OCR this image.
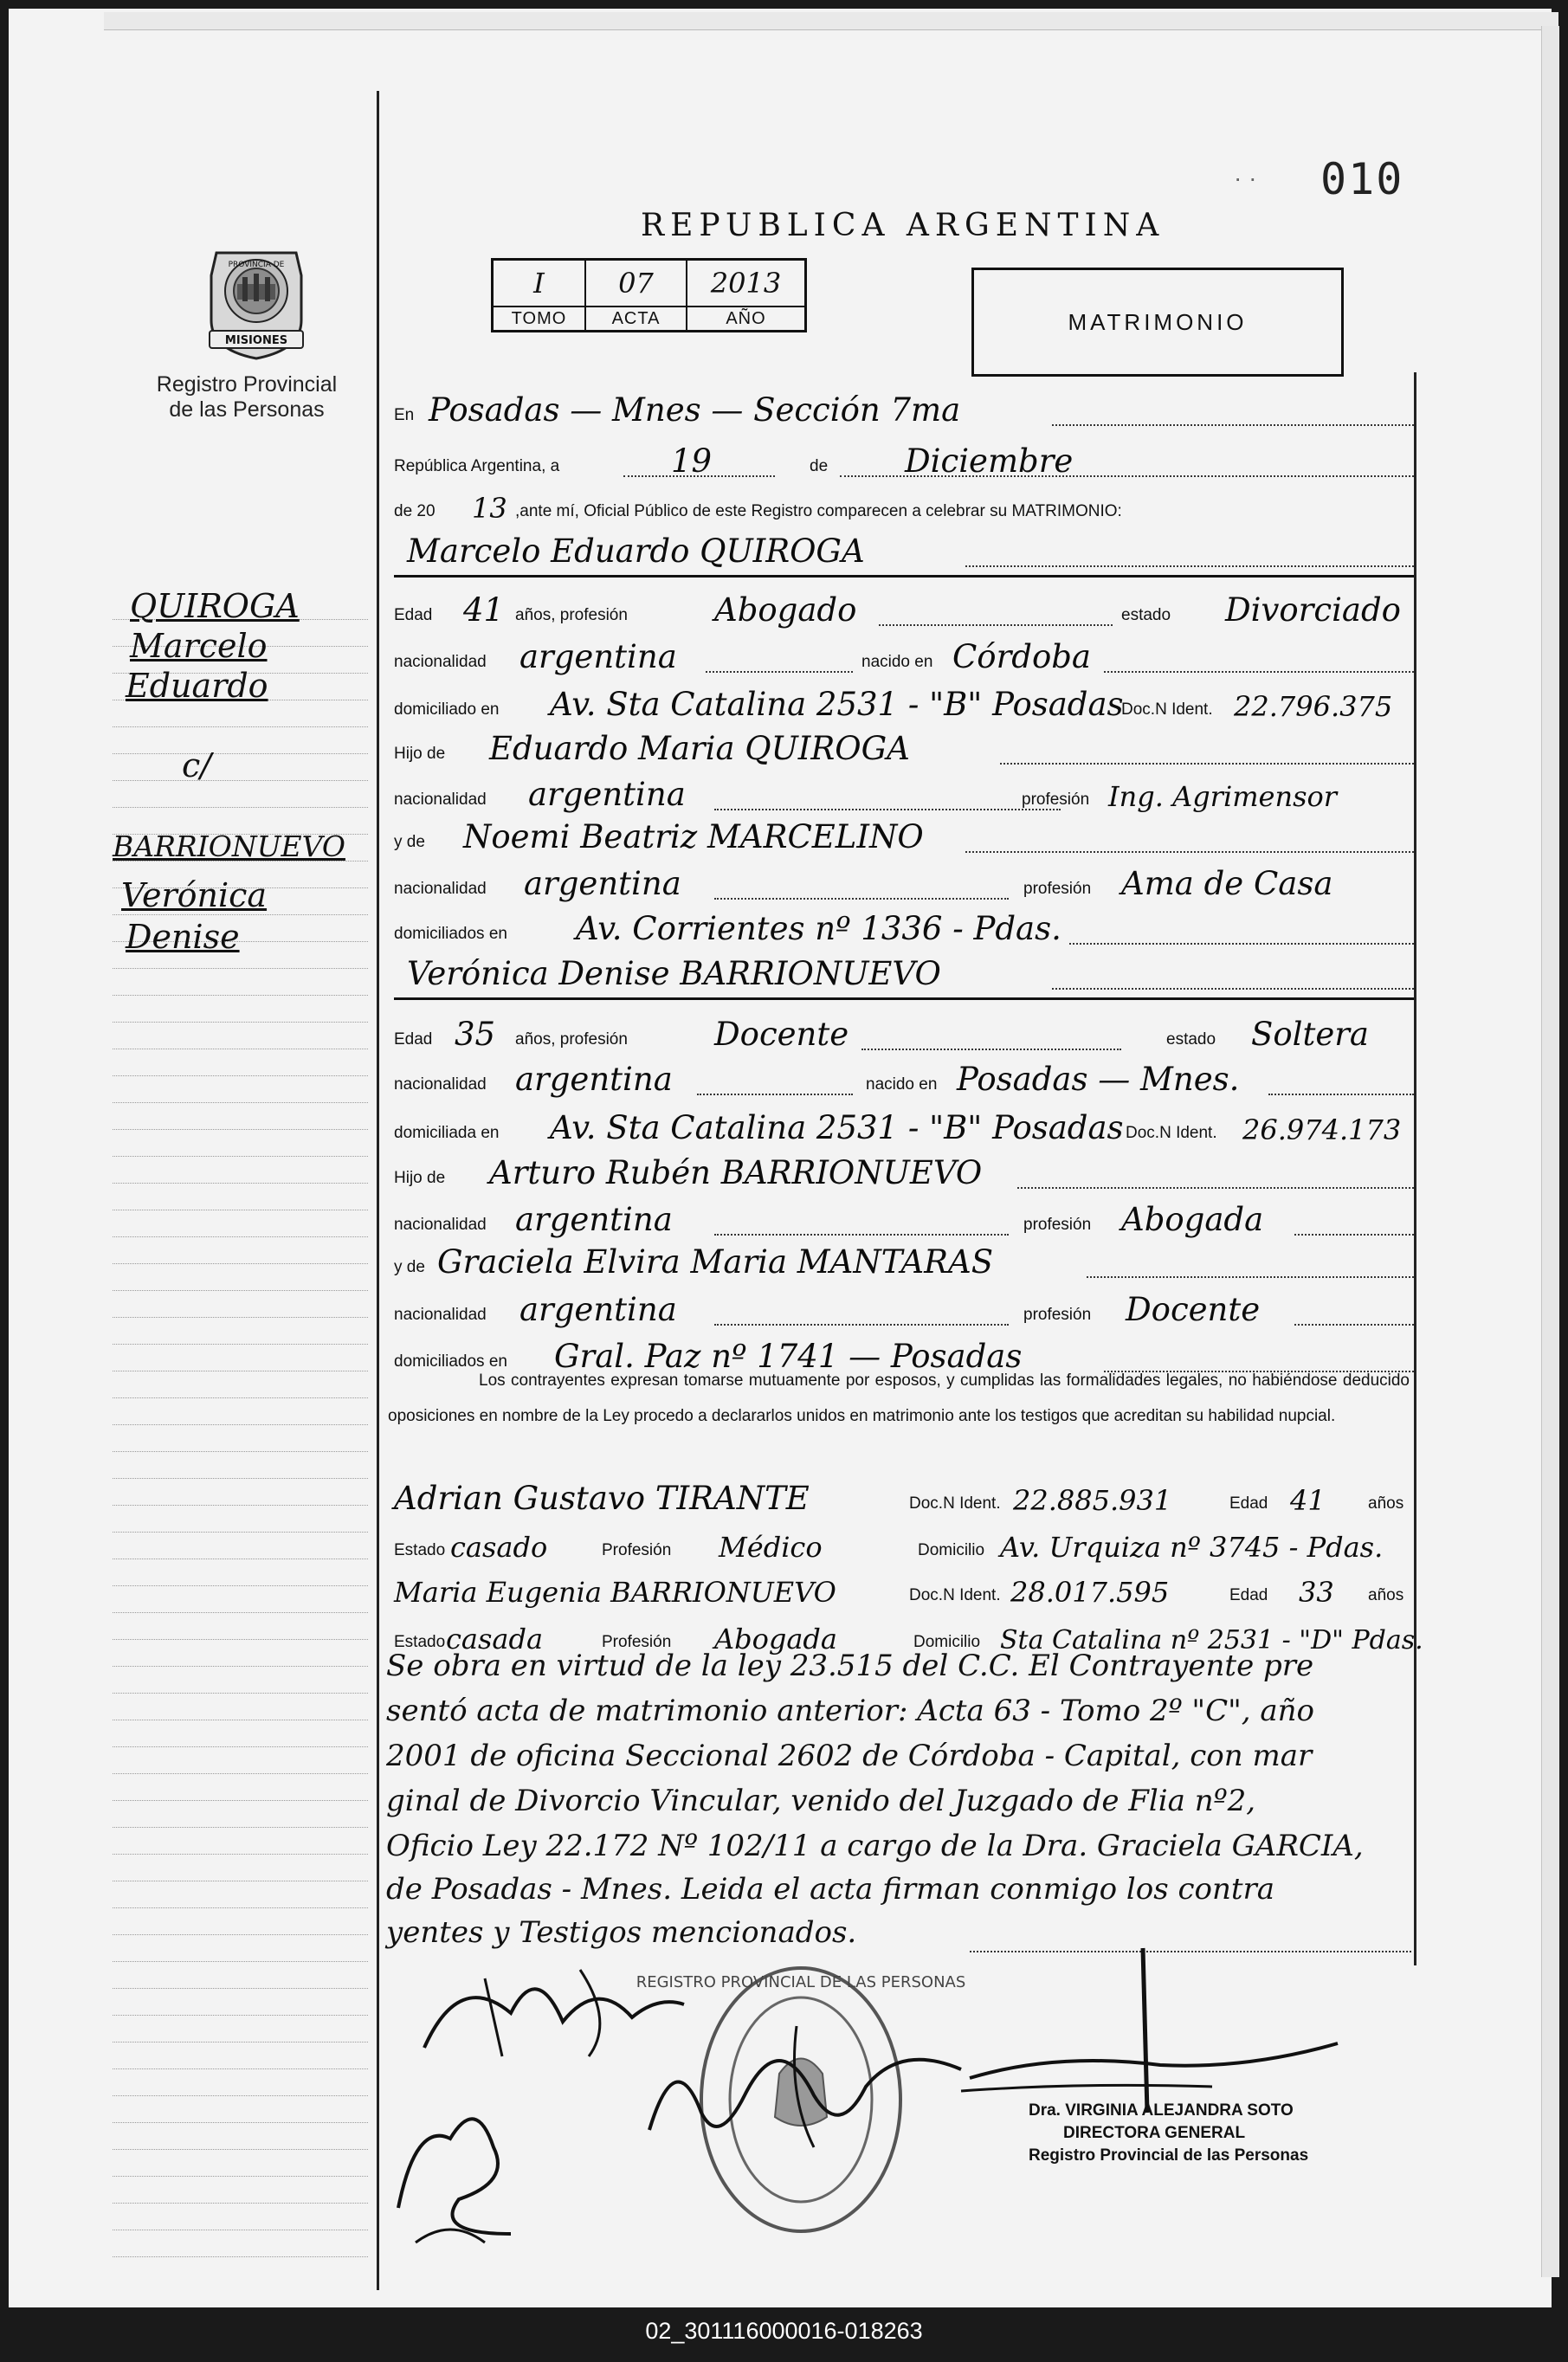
· · 010
MISIONES
PROVINCIA DE
Registro Provincial
de las Personas
REPUBLICA ARGENTINA
I	07	2013
TOMO	ACTA	AÑO	MATRIMONIO
En Posadas — Mnes — Sección 7ma
República Argentina, a	19	de Diciembre
de 20 13 ,ante mí, Oficial Público de este Registro comparecen a celebrar su MATRIMONIO:
Marcelo Eduardo QUIROGA
Edad 41 años, profesión	Abogado	estado Divorciado
nacionalidad argentina	nacido en Córdoba
domiciliado en Av. Sta Catalina 2531 - "B" Posadas
Doc.N Ident. 22.796.375
Hijo de Eduardo Maria QUIROGA
nacionalidad argentina	profesión Ing. Agrimensor
y de Noemi Beatriz MARCELINO
nacionalidad argentina	profesión Ama de Casa
domiciliados en Av. Corrientes nº 1336 - Pdas.
Verónica Denise BARRIONUEVO
Edad 35 años, profesión	Docente	estado Soltera
nacionalidad argentina	nacido en Posadas — Mnes.
domiciliada en Av. Sta Catalina 2531 - "B" Posadas Doc.N Ident. 26.974.173
Hijo de Arturo Rubén BARRIONUEVO
nacionalidad argentina	profesión Abogada
y de Graciela Elvira Maria MANTARAS
nacionalidad argentina	profesión Docente
domiciliados en Gral. Paz nº 1741 — Posadas
Los contrayentes expresan tomarse mutuamente por esposos, y cumplidas las formalidades legales, no habiéndose deducido oposiciones en nombre de la Ley procedo a declararlos unidos en matrimonio ante los testigos que acreditan su habilidad nupcial.
Adrian Gustavo TIRANTE	Doc.N Ident. 22.885.931	Edad 41	años
Estado casado	Profesión Médico	Domicilio Av. Urquiza nº 3745 - Pdas.
Maria Eugenia BARRIONUEVO	Doc.N Ident. 28.017.595	Edad 33 años
Estado casada	Profesión Abogada	Domicilio Sta Catalina nº 2531 - "D" Pdas.
Se obra en virtud de la ley 23.515 del C.C. El Contrayente pre
sentó acta de matrimonio anterior: Acta 63 - Tomo 2º "C", año
2001 de oficina Seccional 2602 de Córdoba - Capital, con mar
ginal de Divorcio Vincular, venido del Juzgado de Flia nº2,
Oficio Ley 22.172 Nº 102/11 a cargo de la Dra. Graciela GARCIA,
de Posadas - Mnes. Leida el acta firman conmigo los contra
yentes y Testigos mencionados.
QUIROGA
Marcelo
Eduardo
c/
BARRIONUEVO
Verónica
Denise
REGISTRO PROVINCIAL DE LAS PERSONAS
Dra. VIRGINIA ALEJANDRA SOTO
DIRECTORA GENERAL
Registro Provincial de las Personas
02_301116000016-018263
